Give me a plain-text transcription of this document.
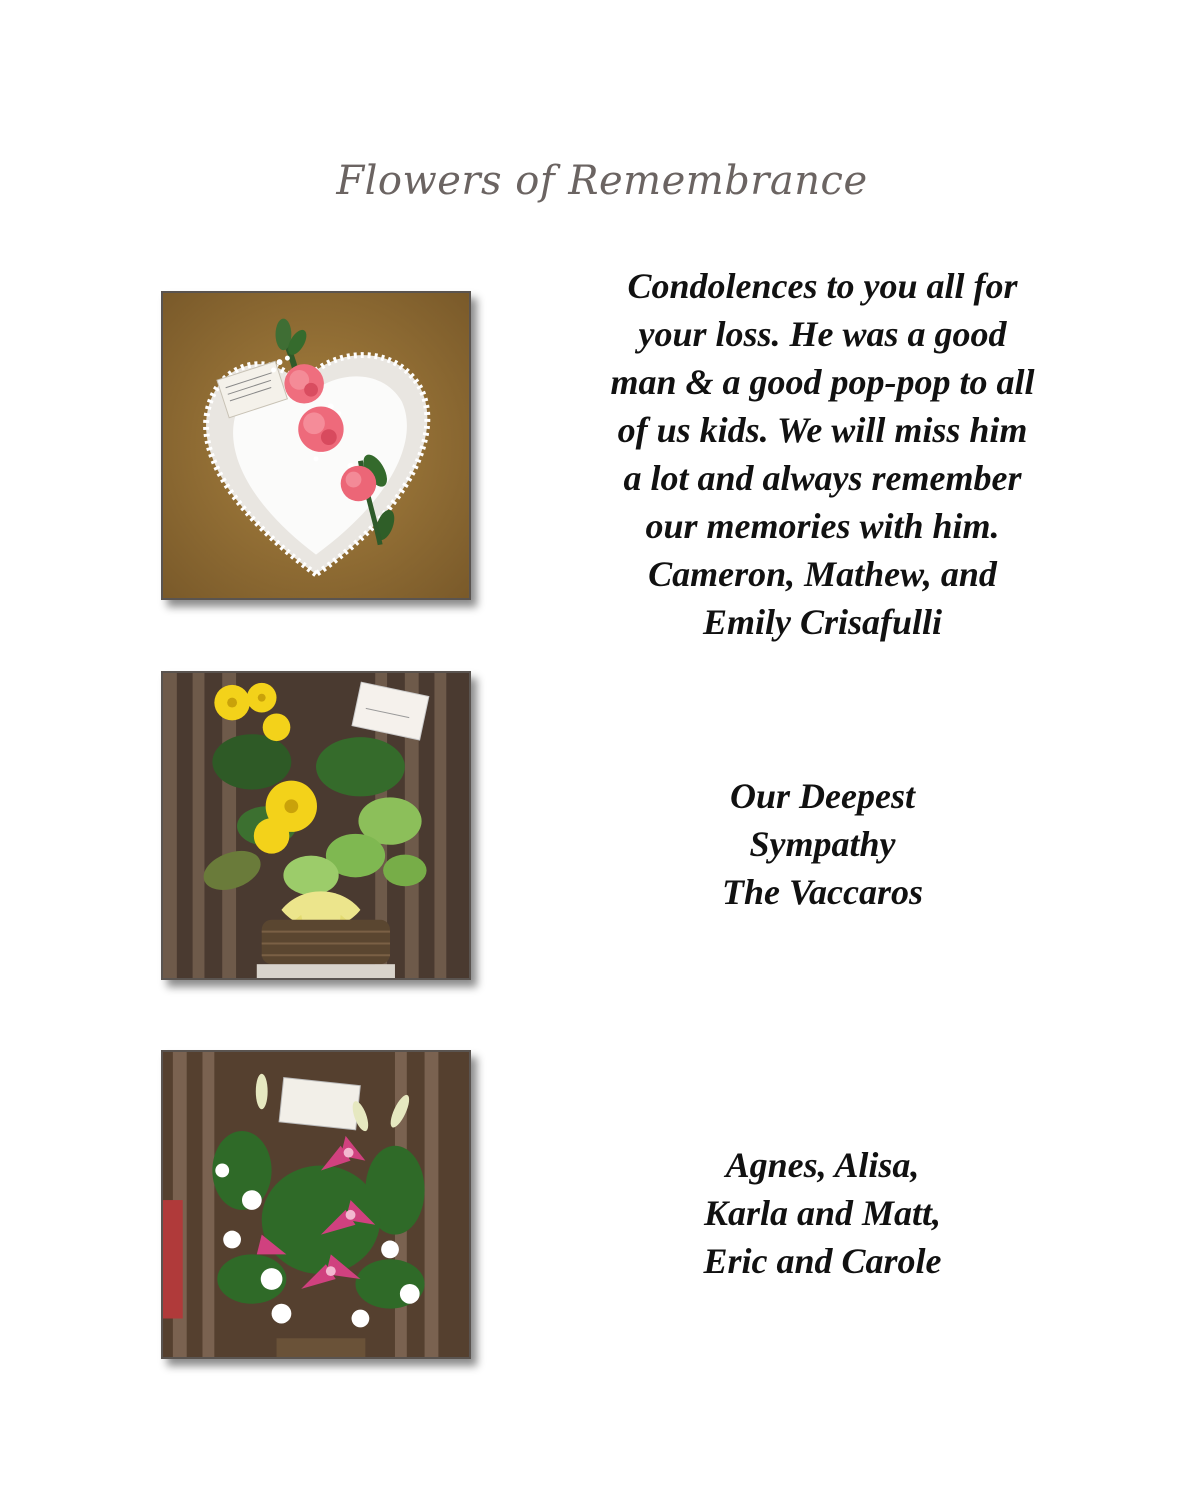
Flowers of Remembrance
Condolences to you all for
your loss. He was a good
man & a good pop-pop to all
of us kids. We will miss him
a lot and always remember
our memories with him.
Cameron, Mathew, and
Emily Crisafulli
Our Deepest
Sympathy
The Vaccaros
Agnes, Alisa,
Karla and Matt,
Eric and Carole
